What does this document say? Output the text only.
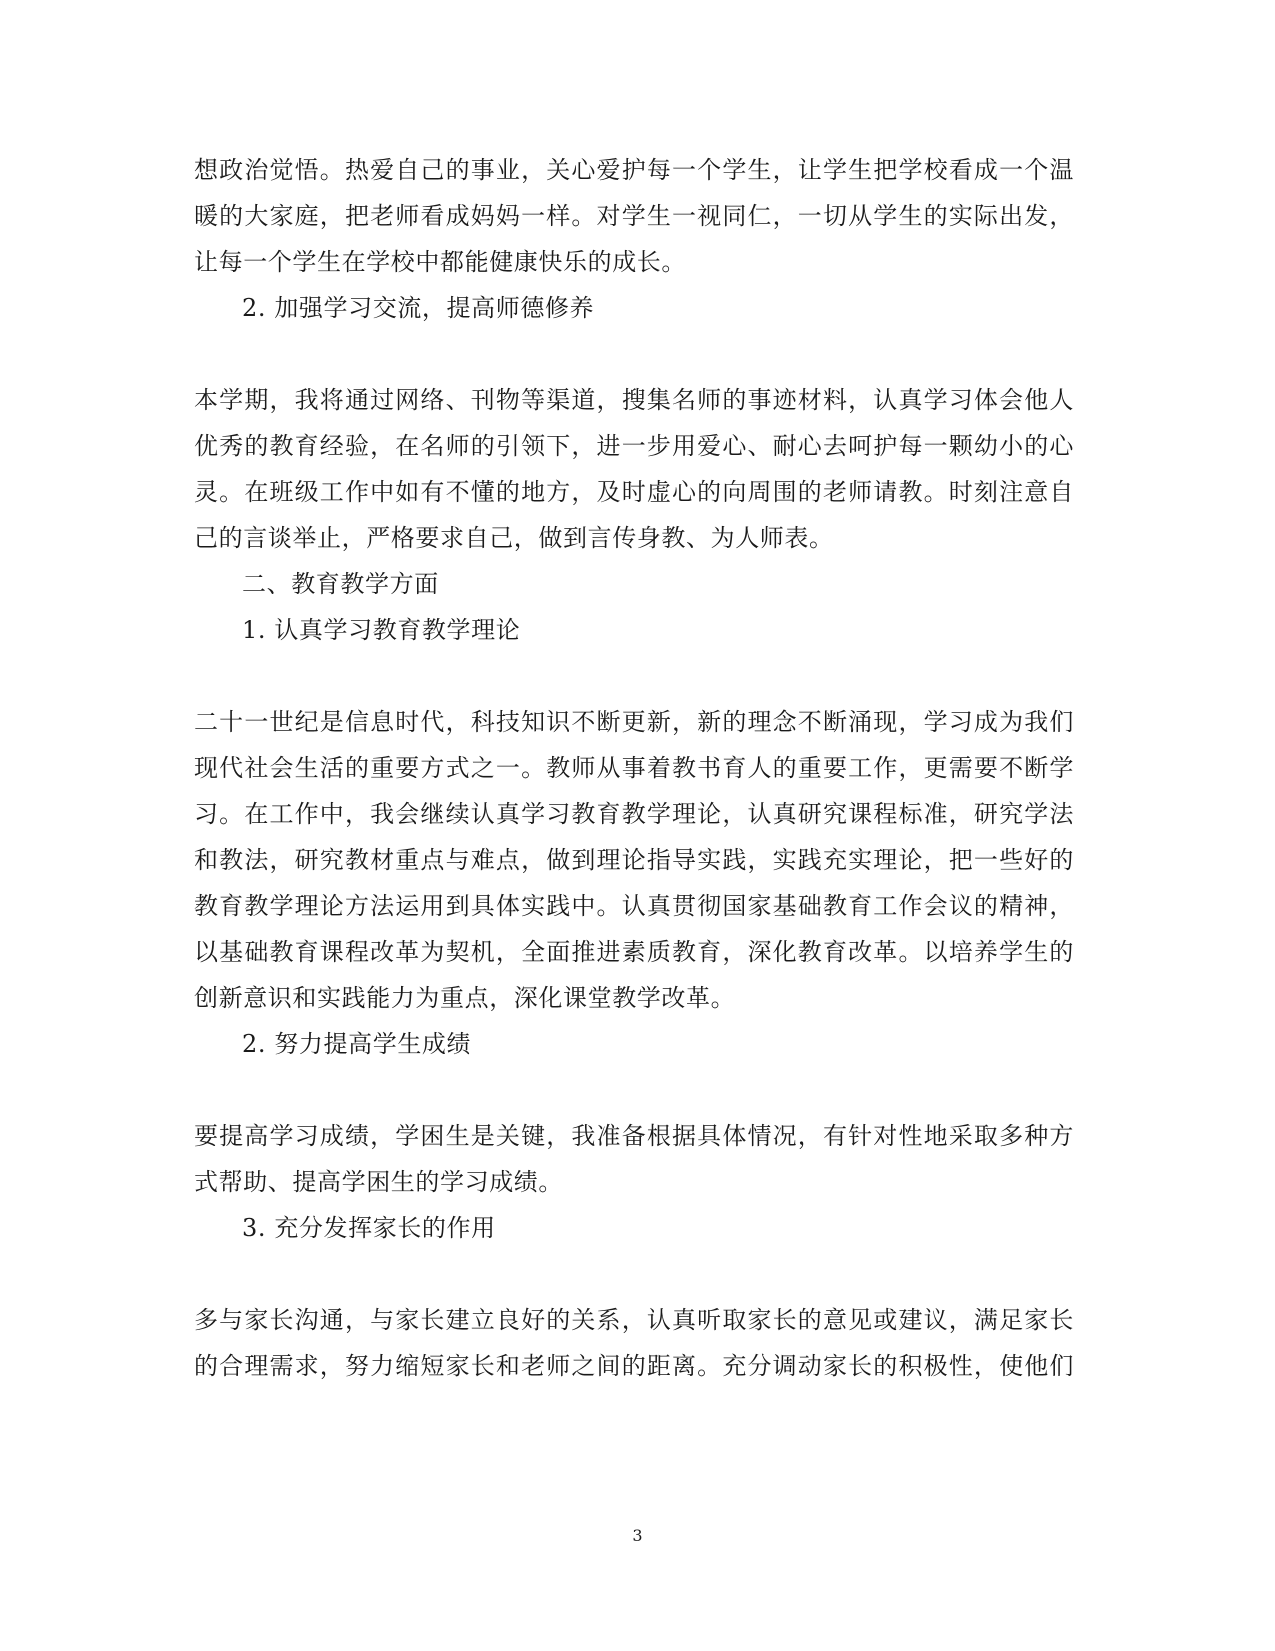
想政治觉悟。热爱自己的事业，关心爱护每一个学生，让学生把学校看成一个温
暖的大家庭，把老师看成妈妈一样。对学生一视同仁，一切从学生的实际出发，
让每一个学生在学校中都能健康快乐的成长。
2. 加强学习交流，提高师德修养
本学期，我将通过网络、刊物等渠道，搜集名师的事迹材料，认真学习体会他人
优秀的教育经验，在名师的引领下，进一步用爱心、耐心去呵护每一颗幼小的心
灵。在班级工作中如有不懂的地方，及时虚心的向周围的老师请教。时刻注意自
己的言谈举止，严格要求自己，做到言传身教、为人师表。
二、教育教学方面
1. 认真学习教育教学理论
二十一世纪是信息时代，科技知识不断更新，新的理念不断涌现，学习成为我们
现代社会生活的重要方式之一。教师从事着教书育人的重要工作，更需要不断学
习。在工作中，我会继续认真学习教育教学理论，认真研究课程标准，研究学法
和教法，研究教材重点与难点，做到理论指导实践，实践充实理论，把一些好的
教育教学理论方法运用到具体实践中。认真贯彻国家基础教育工作会议的精神，
以基础教育课程改革为契机，全面推进素质教育，深化教育改革。以培养学生的
创新意识和实践能力为重点，深化课堂教学改革。
2. 努力提高学生成绩
要提高学习成绩，学困生是关键，我准备根据具体情况，有针对性地采取多种方
式帮助、提高学困生的学习成绩。
3. 充分发挥家长的作用
多与家长沟通，与家长建立良好的关系，认真听取家长的意见或建议，满足家长
的合理需求，努力缩短家长和老师之间的距离。充分调动家长的积极性，使他们
3
